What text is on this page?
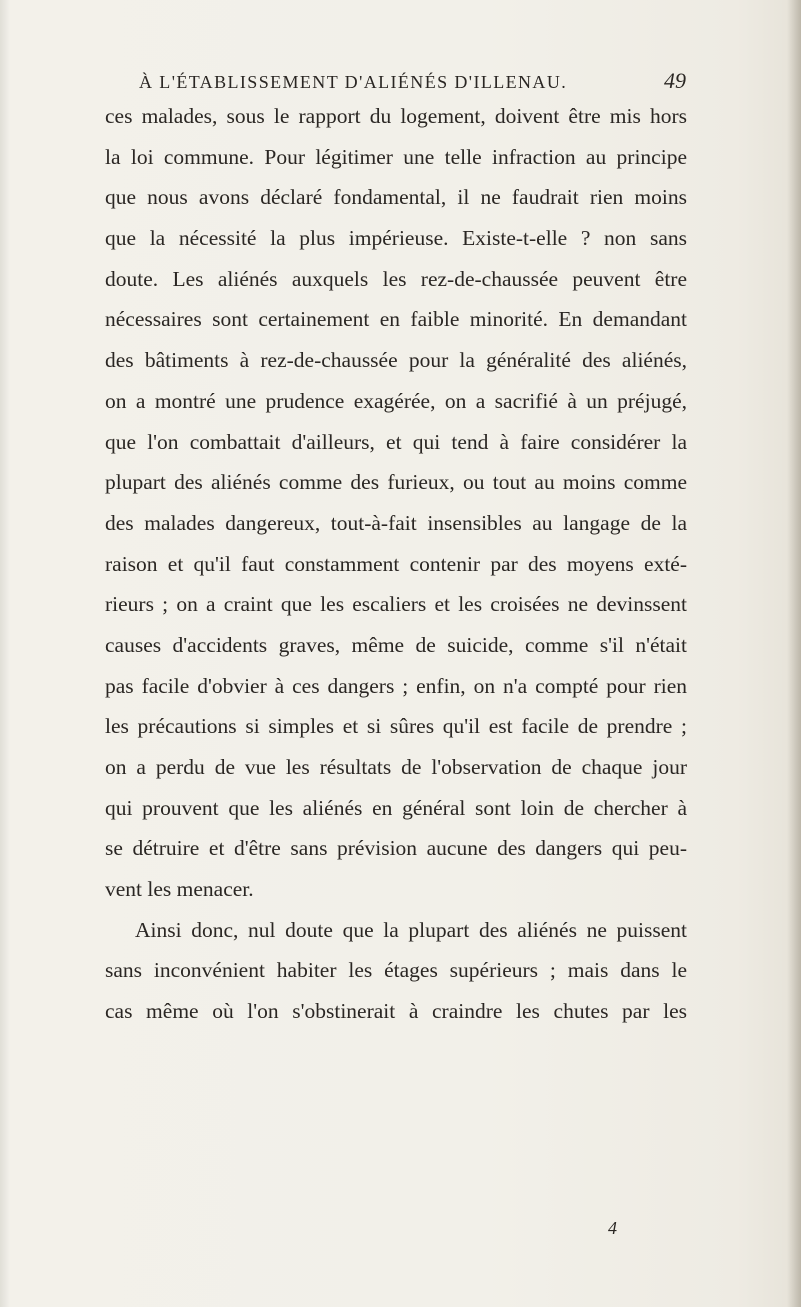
À L'ÉTABLISSEMENT D'ALIÉNÉS D'ILLENAU.	49
ces malades, sous le rapport du logement, doivent être mis hors
la loi commune. Pour légitimer une telle infraction au principe
que nous avons déclaré fondamental, il ne faudrait rien moins
que la nécessité la plus impérieuse. Existe-t-elle ? non sans
doute. Les aliénés auxquels les rez-de-chaussée peuvent être
nécessaires sont certainement en faible minorité. En demandant
des bâtiments à rez-de-chaussée pour la généralité des aliénés,
on a montré une prudence exagérée, on a sacrifié à un préjugé,
que l'on combattait d'ailleurs, et qui tend à faire considérer la
plupart des aliénés comme des furieux, ou tout au moins comme
des malades dangereux, tout-à-fait insensibles au langage de la
raison et qu'il faut constamment contenir par des moyens exté-
rieurs ; on a craint que les escaliers et les croisées ne devinssent
causes d'accidents graves, même de suicide, comme s'il n'était
pas facile d'obvier à ces dangers ; enfin, on n'a compté pour rien
les précautions si simples et si sûres qu'il est facile de prendre ;
on a perdu de vue les résultats de l'observation de chaque jour
qui prouvent que les aliénés en général sont loin de chercher à
se détruire et d'être sans prévision aucune des dangers qui peu-
vent les menacer.
Ainsi donc, nul doute que la plupart des aliénés ne puissent
sans inconvénient habiter les étages supérieurs ; mais dans le
cas même où l'on s'obstinerait à craindre les chutes par les
4
